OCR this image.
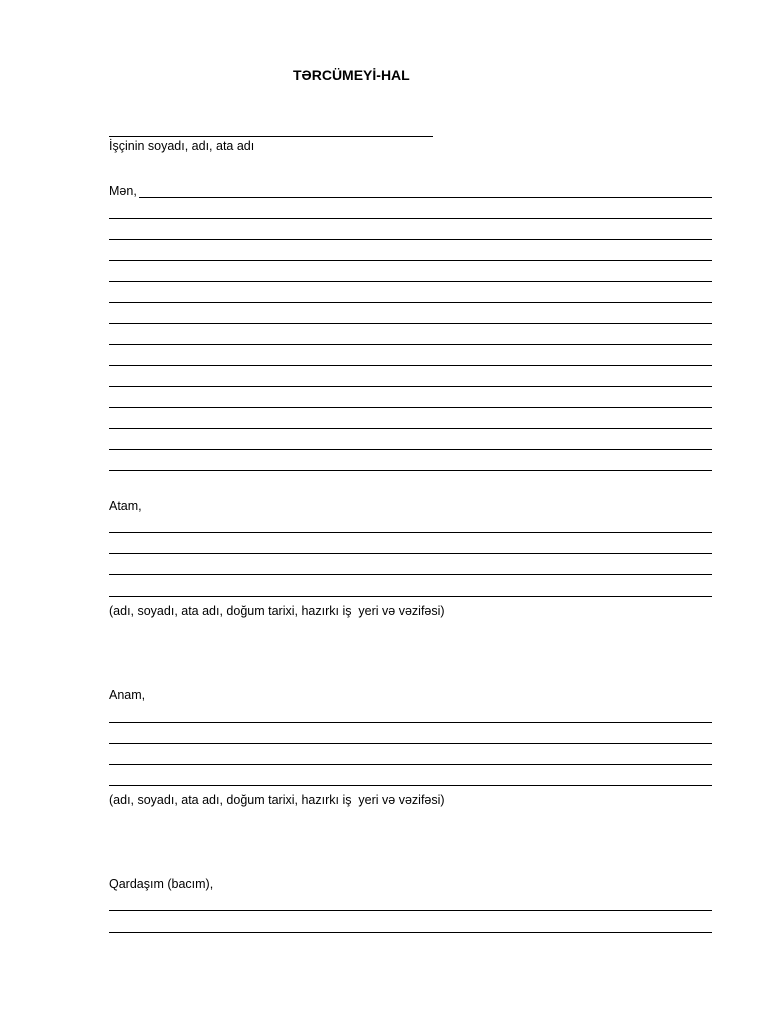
TƏRCÜMEYİ-HAL
İşçinin soyadı, adı, ata adı
Mən,
Atam,
(adı, soyadı, ata adı, doğum tarixi, hazırkı iş  yeri və vəzifəsi)
Anam,
(adı, soyadı, ata adı, doğum tarixi, hazırkı iş  yeri və vəzifəsi)
Qardaşım (bacım),
